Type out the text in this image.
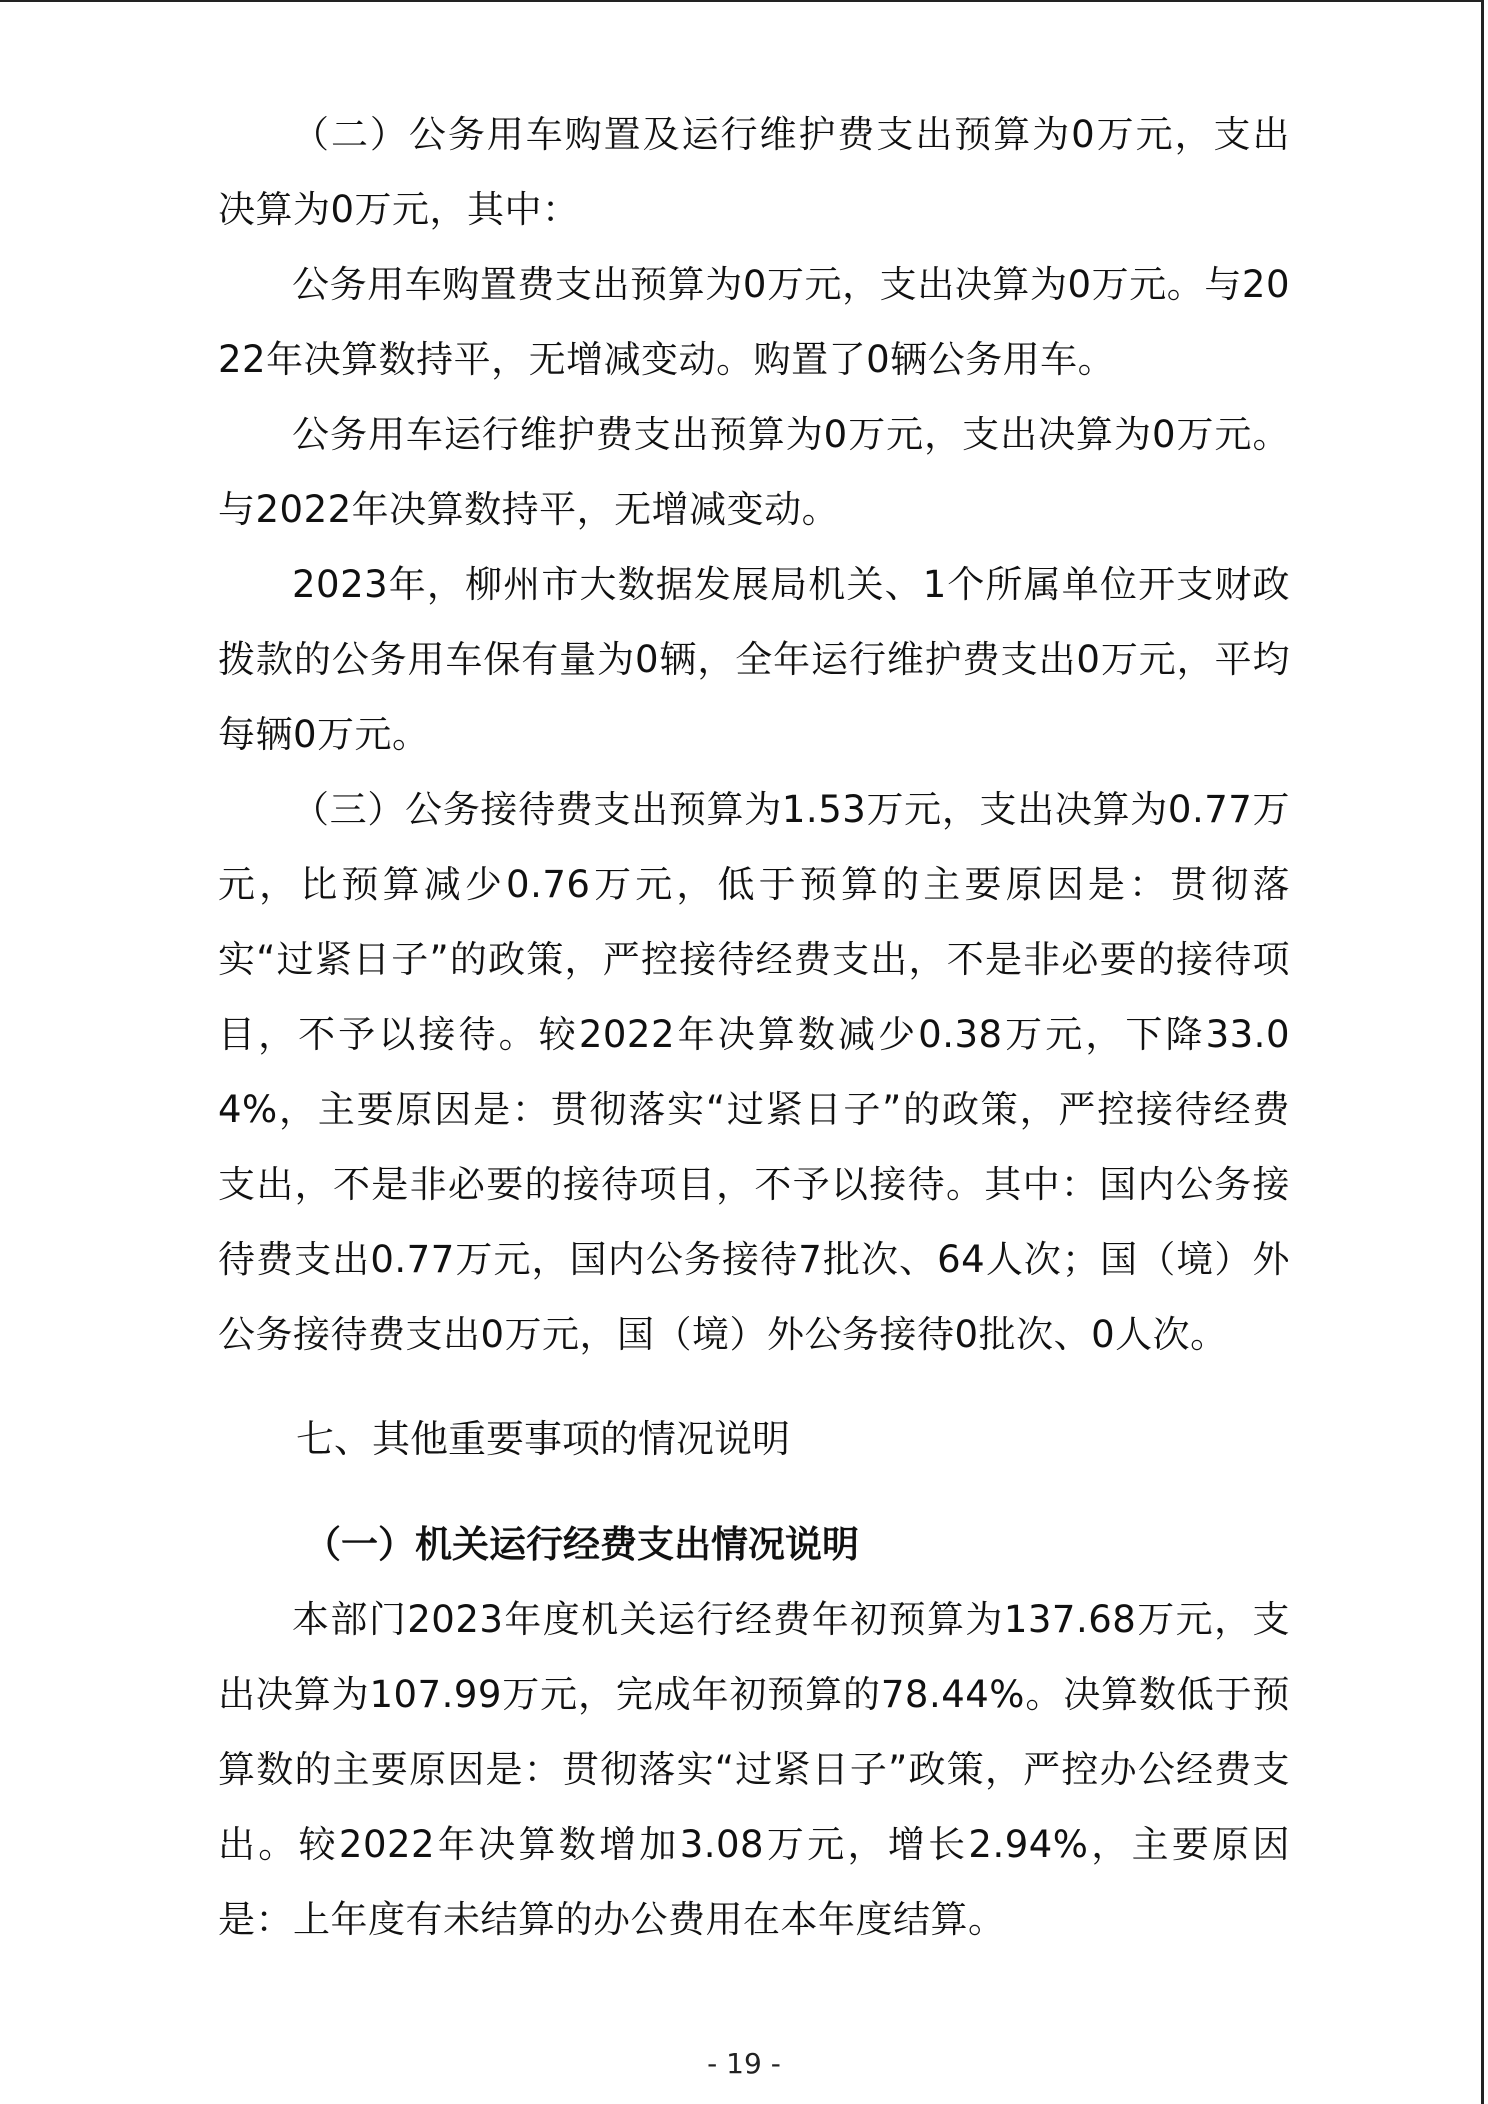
（二）公务用车购置及运行维护费支出预算为0万元，支出决算为0万元，其中：

公务用车购置费支出预算为0万元，支出决算为0万元。与2022年决算数持平，无增减变动。购置了0辆公务用车。

公务用车运行维护费支出预算为0万元，支出决算为0万元。与2022年决算数持平，无增减变动。

2023年，柳州市大数据发展局机关、1个所属单位开支财政拨款的公务用车保有量为0辆，全年运行维护费支出0万元，平均每辆0万元。

（三）公务接待费支出预算为1.53万元，支出决算为0.77万元，比预算减少0.76万元，低于预算的主要原因是：贯彻落实“过紧日子”的政策，严控接待经费支出，不是非必要的接待项目，不予以接待。较2022年决算数减少0.38万元，下降33.04%，主要原因是：贯彻落实“过紧日子”的政策，严控接待经费支出，不是非必要的接待项目，不予以接待。其中：国内公务接待费支出0.77万元，国内公务接待7批次、64人次；国（境）外公务接待费支出0万元，国（境）外公务接待0批次、0人次。

七、其他重要事项的情况说明
（一）机关运行经费支出情况说明

本部门2023年度机关运行经费年初预算为137.68万元，支出决算为107.99万元，完成年初预算的78.44%。决算数低于预算数的主要原因是：贯彻落实“过紧日子”政策，严控办公经费支出。较2022年决算数增加3.08万元，增长2.94%，主要原因是：上年度有未结算的办公费用在本年度结算。

- 19 -
